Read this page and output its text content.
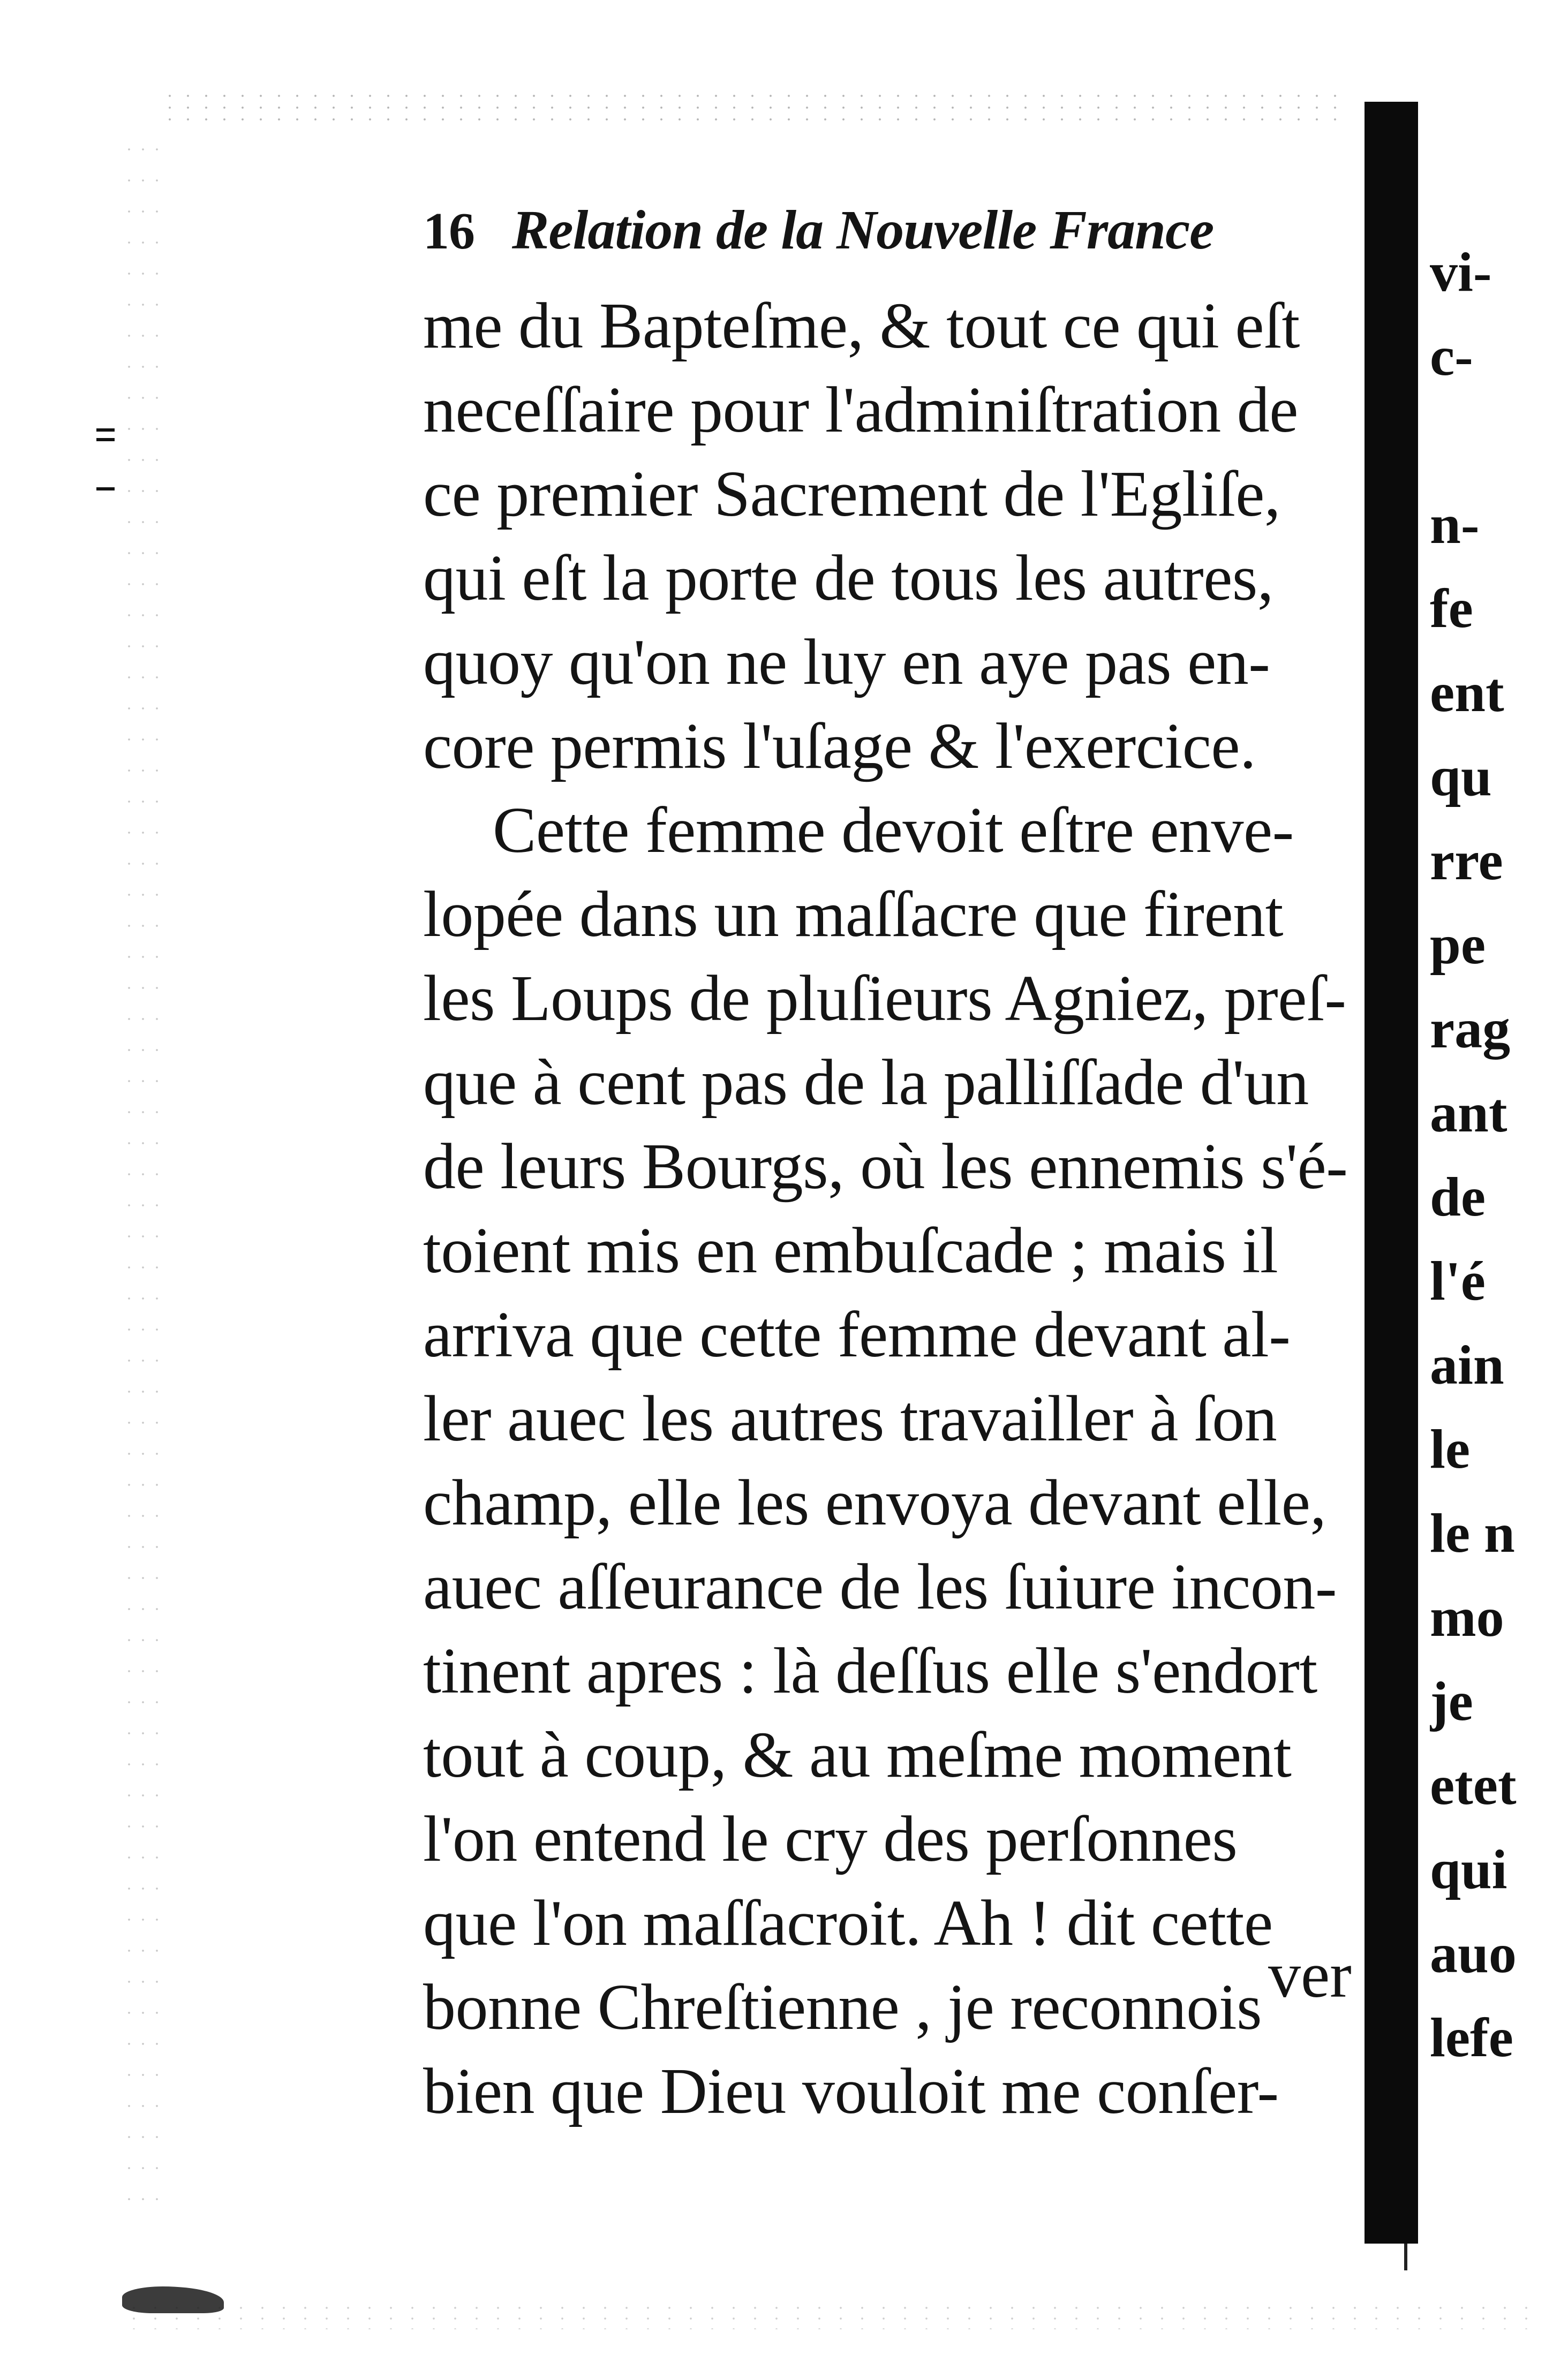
16 Relation de la Nouvelle France
me du Bapteſme, & tout ce qui eſt
neceſſaire pour l'adminiſtration de
ce premier Sacrement de l'Egliſe,
qui eſt la porte de tous les autres,
quoy qu'on ne luy en aye pas en-
core permis l'uſage & l'exercice.
Cette femme devoit eſtre enve-
lopée dans un maſſacre que firent
les Loups de pluſieurs Agniez, preſ-
que à cent pas de la palliſſade d'un
de leurs Bourgs, où les ennemis s'é-
toient mis en embuſcade ; mais il
arriva que cette femme devant al-
ler auec les autres travailler à ſon
champ, elle les envoya devant elle,
auec aſſeurance de les ſuiure incon-
tinent apres : là deſſus elle s'endort
tout à coup, & au meſme moment
l'on entend le cry des perſonnes
que l'on maſſacroit. Ah ! dit cette
bonne Chreſtienne , je reconnois
bien que Dieu vouloit me conſer-
ver
vi-
c-
n-
fe
ent
qu
rre
pe
rag
ant
de
l'é
ain
le
le n
mo
je
etet
qui
auo
lefe
